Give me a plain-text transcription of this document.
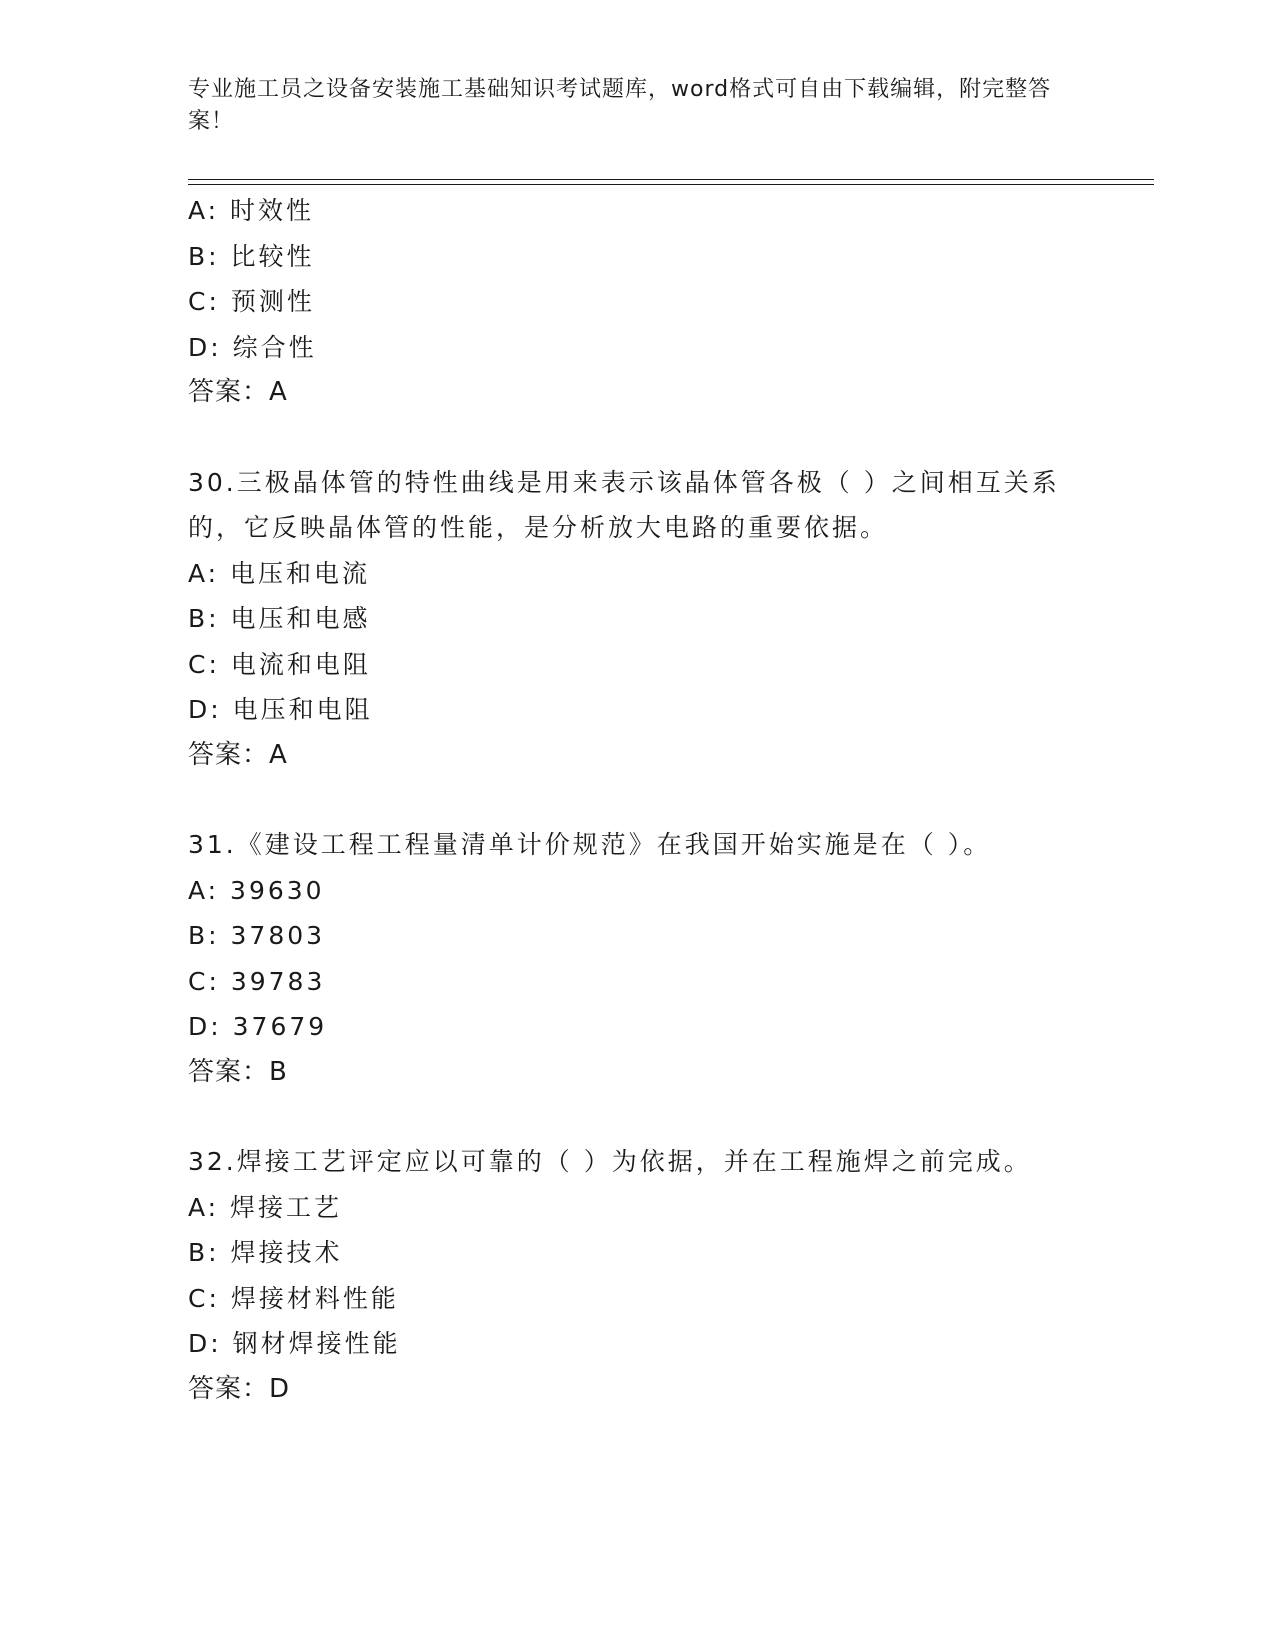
专业施工员之设备安装施工基础知识考试题库，word格式可自由下载编辑，附完整答案！
A: 时效性
B: 比较性
C: 预测性
D: 综合性
答案：A
30.三极晶体管的特性曲线是用来表示该晶体管各极（ ）之间相互关系的，它反映晶体管的性能，是分析放大电路的重要依据。
A: 电压和电流
B: 电压和电感
C: 电流和电阻
D: 电压和电阻
答案：A
31.《建设工程工程量清单计价规范》在我国开始实施是在（ ）。
A: 39630
B: 37803
C: 39783
D: 37679
答案：B
32.焊接工艺评定应以可靠的（ ）为依据，并在工程施焊之前完成。
A: 焊接工艺
B: 焊接技术
C: 焊接材料性能
D: 钢材焊接性能
答案：D
